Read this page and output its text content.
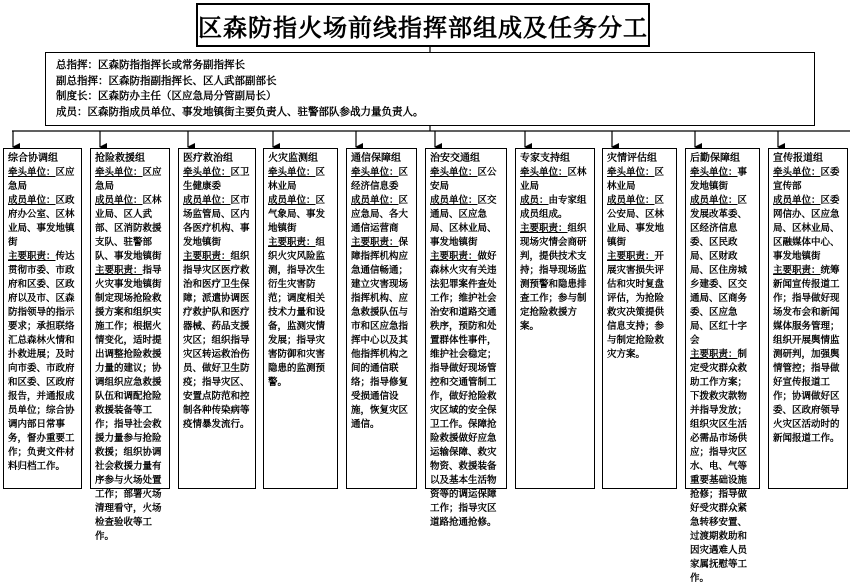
区森防指火场前线指挥部组成及任务分工
总指挥：区森防指指挥长或常务副指挥长
副总指挥：区森防指副指挥长、区人武部副部长
制度长：区森防办主任（区应急局分管副局长）
成员：区森防指成员单位、事发地镇街主要负责人、驻警部队参战力量负责人。
综合协调组
牵头单位：区应急局
成员单位：区政府办公室、区林业局、事发地镇街
主要职责：传达贯彻市委、市政府和区委、区政府以及市、区森防指领导的指示要求；承担联络汇总森林火情和扑救进展；及时向市委、市政府和区委、区政府报告，并通报成员单位；综合协调内部日常事务，督办重要工作；负责文件材料归档工作。
抢险救援组
牵头单位：区应急局
成员单位：区林业局、区人武部、区消防救援支队、驻警部队、事发地镇街
主要职责：指导火灾事发地镇街制定现场抢险救援方案和组织实施工作；根据火情变化，适时提出调整抢险救援力量的建议；协调组织应急救援队伍和调配抢险救援装备等工作；指导社会救援力量参与抢险救援；组织协调社会救援力量有序参与火场处置工作；部署火场清理看守，火场检查验收等工作。
医疗救治组
牵头单位：区卫生健康委
成员单位：区市场监管局、区内各医疗机构、事发地镇街
主要职责：组织指导灾区医疗救治和医疗卫生保障；派遣协调医疗救护队和医疗器械、药品支援灾区；组织指导灾区转运救治伤员、做好卫生防疫；指导灾区、安置点防范和控制各种传染病等疫情暴发流行。
火灾监测组
牵头单位：区林业局
成员单位：区气象局、事发地镇街
主要职责：组织火灾风险监测，指导次生衍生灾害防范；调度相关技术力量和设备，监测灾情发展；指导灾害防御和灾害隐患的监测预警。
通信保障组
牵头单位：区经济信息委
成员单位：区应急局、各大通信运营商
主要职责：保障指挥机构应急通信畅通；建立灾害现场指挥机构、应急救援队伍与市和区应急指挥中心以及其他指挥机构之间的通信联络；指导修复受损通信设施，恢复灾区通信。
治安交通组
牵头单位：区公安局
成员单位：区交通局、区应急局、区林业局、事发地镇街
主要职责：做好森林火灾有关违法犯罪案件查处工作；维护社会治安和道路交通秩序，预防和处置群体性事件，维护社会稳定；指导做好现场管控和交通管制工作，做好抢险救灾区域的安全保卫工作。保障抢险救援做好应急运输保障、救灾物资、救援装备以及基本生活物资等的调运保障工作；指导灾区道路抢通抢修。
专家支持组
牵头单位：区林业局
成员：由专家组成员组成。
主要职责：组织现场灾情会商研判，提供技术支持；指导现场监测预警和隐患排查工作；参与制定抢险救援方案。
灾情评估组
牵头单位：区林业局
成员单位：区公安局、区林业局、事发地镇街
主要职责：开展灾害损失评估和灾时复盘评估，为抢险救灾决策提供信息支持；参与制定抢险救灾方案。
后勤保障组
牵头单位：事发地镇街
成员单位：区发展改革委、区经济信息委、区民政局、区财政局、区住房城乡建委、区交通局、区商务委、区应急局、区红十字会
主要职责：制定受灾群众救助工作方案；下拨救灾款物并指导发放；组织灾区生活必需品市场供应；指导灾区水、电、气等重要基础设施抢修；指导做好受灾群众紧急转移安置、过渡期救助和因灾遇难人员家属抚慰等工作。
宣传报道组
牵头单位：区委宣传部
成员单位：区委网信办、区应急局、区林业局、区融媒体中心、事发地镇街
主要职责：统筹新闻宣传报道工作；指导做好现场发布会和新闻媒体服务管理；组织开展舆情监测研判，加强舆情管控；指导做好宣传报道工作；协调做好区委、区政府领导火灾区活动时的新闻报道工作。
